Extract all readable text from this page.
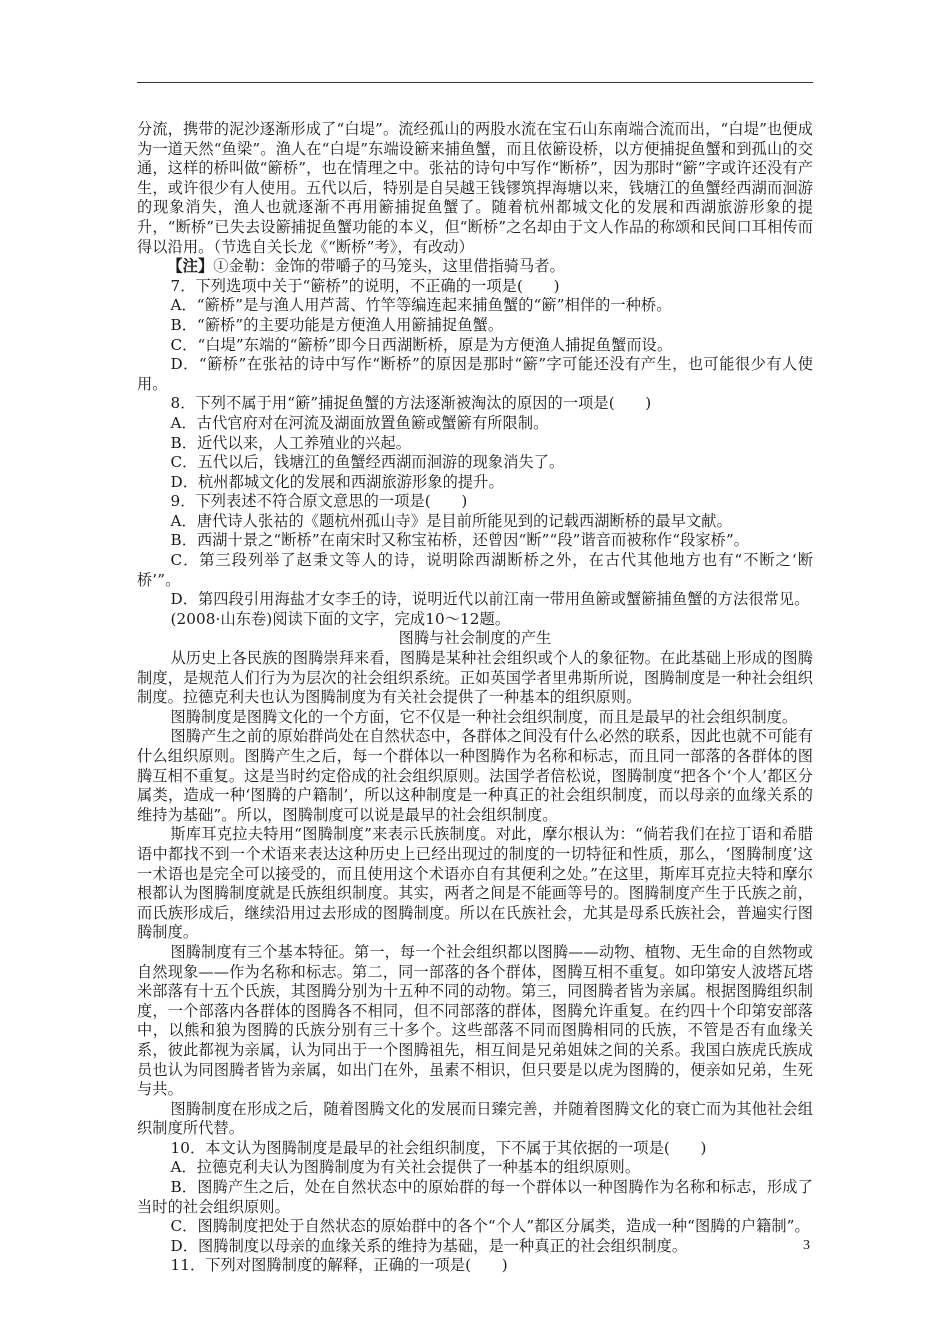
分流，携带的泥沙逐渐形成了“白堤”。流经孤山的两股水流在宝石山东南端合流而出，“白堤”也便成为一道天然“鱼梁”。渔人在“白堤”东端设簖来捕鱼蟹，而且依簖设桥，以方便捕捉鱼蟹和到孤山的交通，这样的桥叫做“簖桥”，也在情理之中。张祜的诗句中写作“断桥”，因为那时“簖”字或许还没有产生，或许很少有人使用。五代以后，特别是自吴越王钱镠筑捍海塘以来，钱塘江的鱼蟹经西湖而洄游的现象消失，渔人也就逐渐不再用簖捕捉鱼蟹了。随着杭州都城文化的发展和西湖旅游形象的提升，“断桥”已失去设簖捕捉鱼蟹功能的本义，但“断桥”之名却由于文人作品的称颂和民间口耳相传而得以沿用。（节选自关长龙《“断桥”考》，有改动）

【注】①金勒：金饰的带嚼子的马笼头，这里借指骑马者。

7．下列选项中关于“簖桥”的说明，不正确的一项是(　　)

A．“簖桥”是与渔人用芦蒿、竹竿等编连起来捕鱼蟹的“簖”相伴的一种桥。

B．“簖桥”的主要功能是方便渔人用簖捕捉鱼蟹。

C．“白堤”东端的“簖桥”即今日西湖断桥，原是为方便渔人捕捉鱼蟹而设。

D．“簖桥”在张祜的诗中写作“断桥”的原因是那时“簖”字可能还没有产生，也可能很少有人使用。

8．下列不属于用“簖”捕捉鱼蟹的方法逐渐被淘汰的原因的一项是(　　)

A．古代官府对在河流及湖面放置鱼簖或蟹簖有所限制。

B．近代以来，人工养殖业的兴起。

C．五代以后，钱塘江的鱼蟹经西湖而洄游的现象消失了。

D．杭州都城文化的发展和西湖旅游形象的提升。

9．下列表述不符合原文意思的一项是(　　)

A．唐代诗人张祜的《题杭州孤山寺》是目前所能见到的记载西湖断桥的最早文献。

B．西湖十景之“断桥”在南宋时又称宝祐桥，还曾因“断”“段”谐音而被称作“段家桥”。

C．第三段列举了赵秉文等人的诗，说明除西湖断桥之外，在古代其他地方也有“不断之‘断桥’”。

D．第四段引用海盐才女李壬的诗，说明近代以前江南一带用鱼簖或蟹簖捕鱼蟹的方法很常见。

(2008·山东卷)阅读下面的文字，完成10～12题。

图腾与社会制度的产生

从历史上各民族的图腾崇拜来看，图腾是某种社会组织或个人的象征物。在此基础上形成的图腾制度，是规范人们行为为层次的社会组织系统。正如英国学者里弗斯所说，图腾制度是一种社会组织制度。拉德克利夫也认为图腾制度为有关社会提供了一种基本的组织原则。

图腾制度是图腾文化的一个方面，它不仅是一种社会组织制度，而且是最早的社会组织制度。

图腾产生之前的原始群尚处在自然状态中，各群体之间没有什么必然的联系，因此也就不可能有什么组织原则。图腾产生之后，每一个群体以一种图腾作为名称和标志，而且同一部落的各群体的图腾互相不重复。这是当时约定俗成的社会组织原则。法国学者倍松说，图腾制度“把各个‘个人’都区分属类，造成一种‘图腾的户籍制’，所以这种制度是一种真正的社会组织制度，而以母亲的血缘关系的维持为基础”。所以，图腾制度可以说是最早的社会组织制度。

斯库耳克拉夫特用“图腾制度”来表示氏族制度。对此，摩尔根认为：“倘若我们在拉丁语和希腊语中都找不到一个术语来表达这种历史上已经出现过的制度的一切特征和性质，那么，‘图腾制度’这一术语也是完全可以接受的，而且使用这个术语亦自有其便利之处。”在这里，斯库耳克拉夫特和摩尔根都认为图腾制度就是氏族组织制度。其实，两者之间是不能画等号的。图腾制度产生于氏族之前，而氏族形成后，继续沿用过去形成的图腾制度。所以在氏族社会，尤其是母系氏族社会，普遍实行图腾制度。

图腾制度有三个基本特征。第一，每一个社会组织都以图腾——动物、植物、无生命的自然物或自然现象——作为名称和标志。第二，同一部落的各个群体，图腾互相不重复。如印第安人波塔瓦塔米部落有十五个氏族，其图腾分别为十五种不同的动物。第三，同图腾者皆为亲属。根据图腾组织制度，一个部落内各群体的图腾各不相同，但不同部落的群体，图腾允许重复。在约四十个印第安部落中，以熊和狼为图腾的氏族分别有三十多个。这些部落不同而图腾相同的氏族，不管是否有血缘关系，彼此都视为亲属，认为同出于一个图腾祖先，相互间是兄弟姐妹之间的关系。我国白族虎氏族成员也认为同图腾者皆为亲属，如出门在外，虽素不相识，但只要是以虎为图腾的，便亲如兄弟，生死与共。

图腾制度在形成之后，随着图腾文化的发展而日臻完善，并随着图腾文化的衰亡而为其他社会组织制度所代替。

10．本文认为图腾制度是最早的社会组织制度，下不属于其依据的一项是(　　)

A．拉德克利夫认为图腾制度为有关社会提供了一种基本的组织原则。

B．图腾产生之后，处在自然状态中的原始群的每一个群体以一种图腾作为名称和标志，形成了当时的社会组织原则。

C．图腾制度把处于自然状态的原始群中的各个“个人”都区分属类，造成一种“图腾的户籍制”。

D．图腾制度以母亲的血缘关系的维持为基础，是一种真正的社会组织制度。

11．下列对图腾制度的解释，正确的一项是(　　)

3
